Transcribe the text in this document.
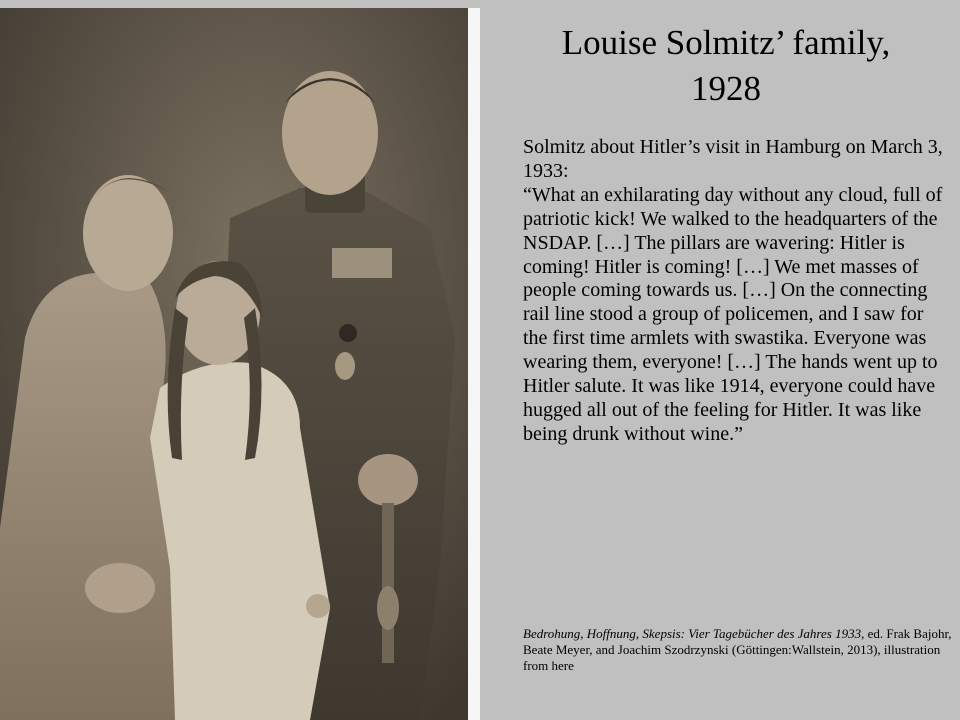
Louise Solmitz’ family,
1928

Solmitz about Hitler’s visit in Hamburg on March 3, 1933:

“What an exhilarating day without any cloud, full of patriotic kick! We walked to the headquarters of the NSDAP. […] The pillars are wavering: Hitler is coming! Hitler is coming! […] We met masses of people coming towards us. […] On the connecting rail line stood a group of policemen, and I saw for the first time armlets with swastika. Everyone was wearing them, everyone! […] The hands went up to Hitler salute. It was like 1914, everyone could have hugged all out of the feeling for Hitler. It was like being drunk without wine.”

Bedrohung, Hoffnung, Skepsis: Vier Tagebücher des Jahres 1933, ed. Frak Bajohr, Beate Meyer, and Joachim Szodrzynski (Göttingen:Wallstein, 2013), illustration from here
